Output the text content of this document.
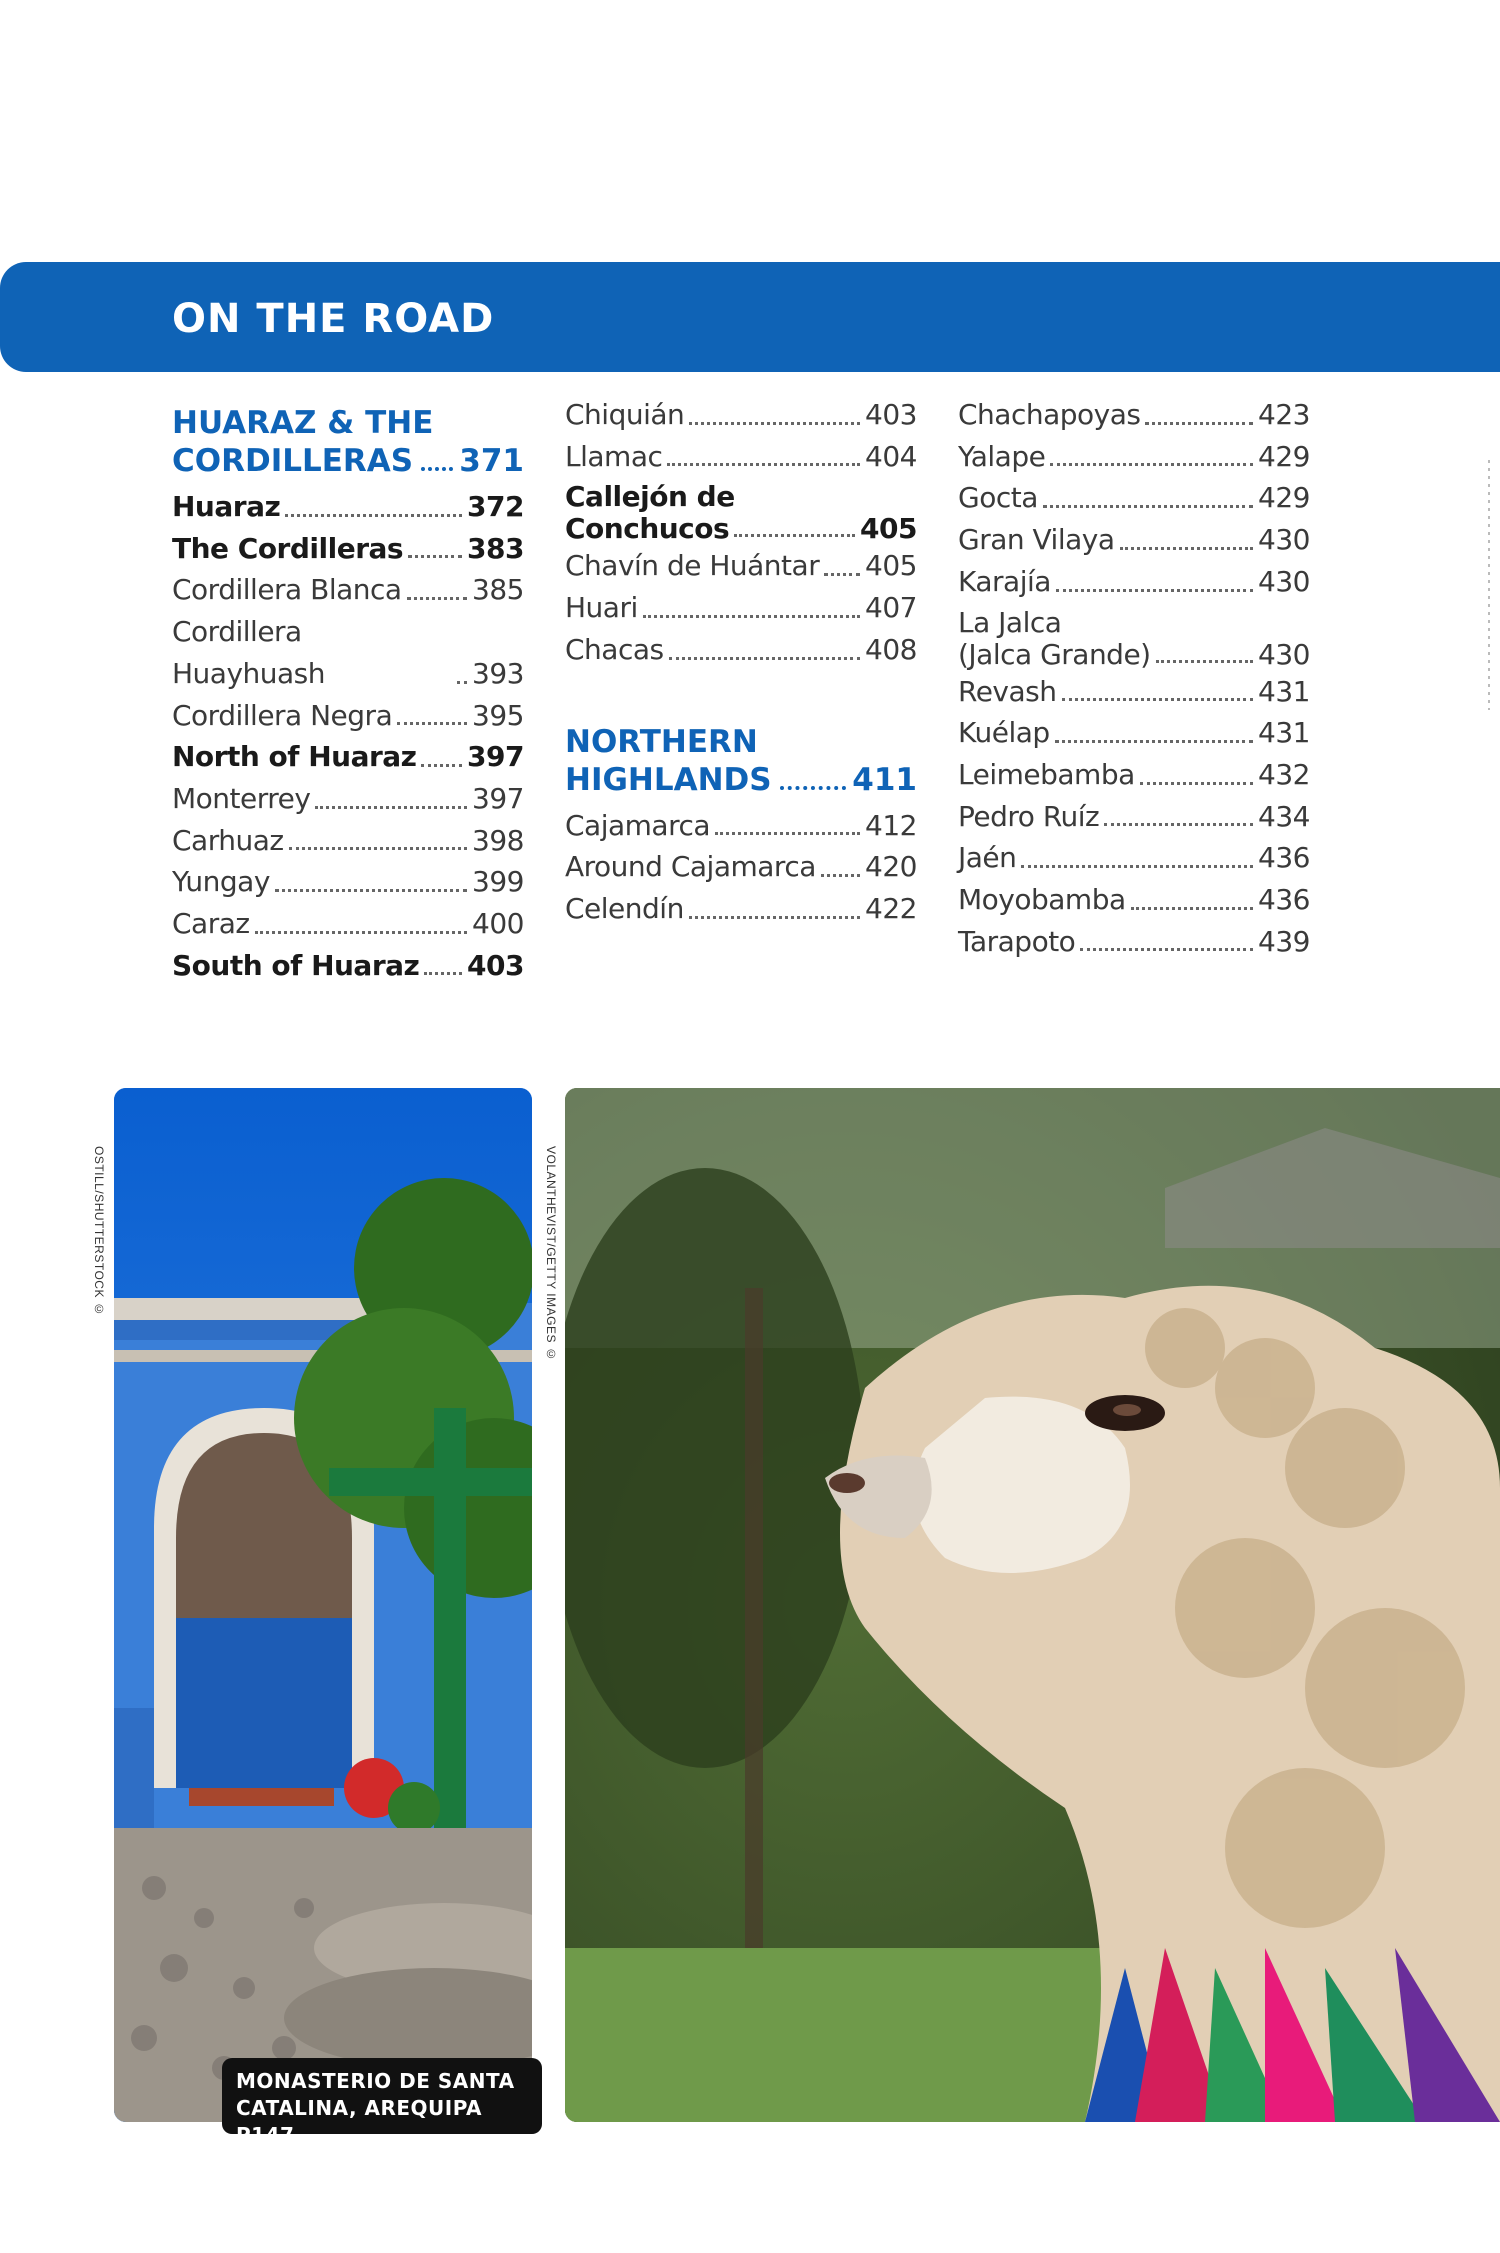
ON THE ROAD
HUARAZ & THE
CORDILLERAS 371
Huaraz	372
The Cordilleras 383
Cordillera Blanca	385
Cordillera Huayhuash	393
Cordillera Negra	395
North of Huaraz 397
Monterrey	397
Carhuaz	398
Yungay	399
Caraz	400
South of Huaraz 403
Chiquián	403
Llamac	404
Callejón de
Conchucos	405
Chavín de Huántar 405
Huari	407
Chacas	408
NORTHERN
HIGHLANDS	411
Cajamarca	412
Around Cajamarca 420
Celendín	422
Chachapoyas	423
Yalape	429
Gocta	429
Gran Vilaya	430
Karajía	430
La Jalca
(Jalca Grande)	430
Revash	431
Kuélap	431
Leimebamba	432
Pedro Ruíz	434
Jaén	436
Moyobamba	436
Tarapoto	439
OSTILL/SHUTTERSTOCK ©	VOLANTHEVIST/GETTY IMAGES ©
MONASTERIO DE SANTA
CATALINA, AREQUIPA P147
